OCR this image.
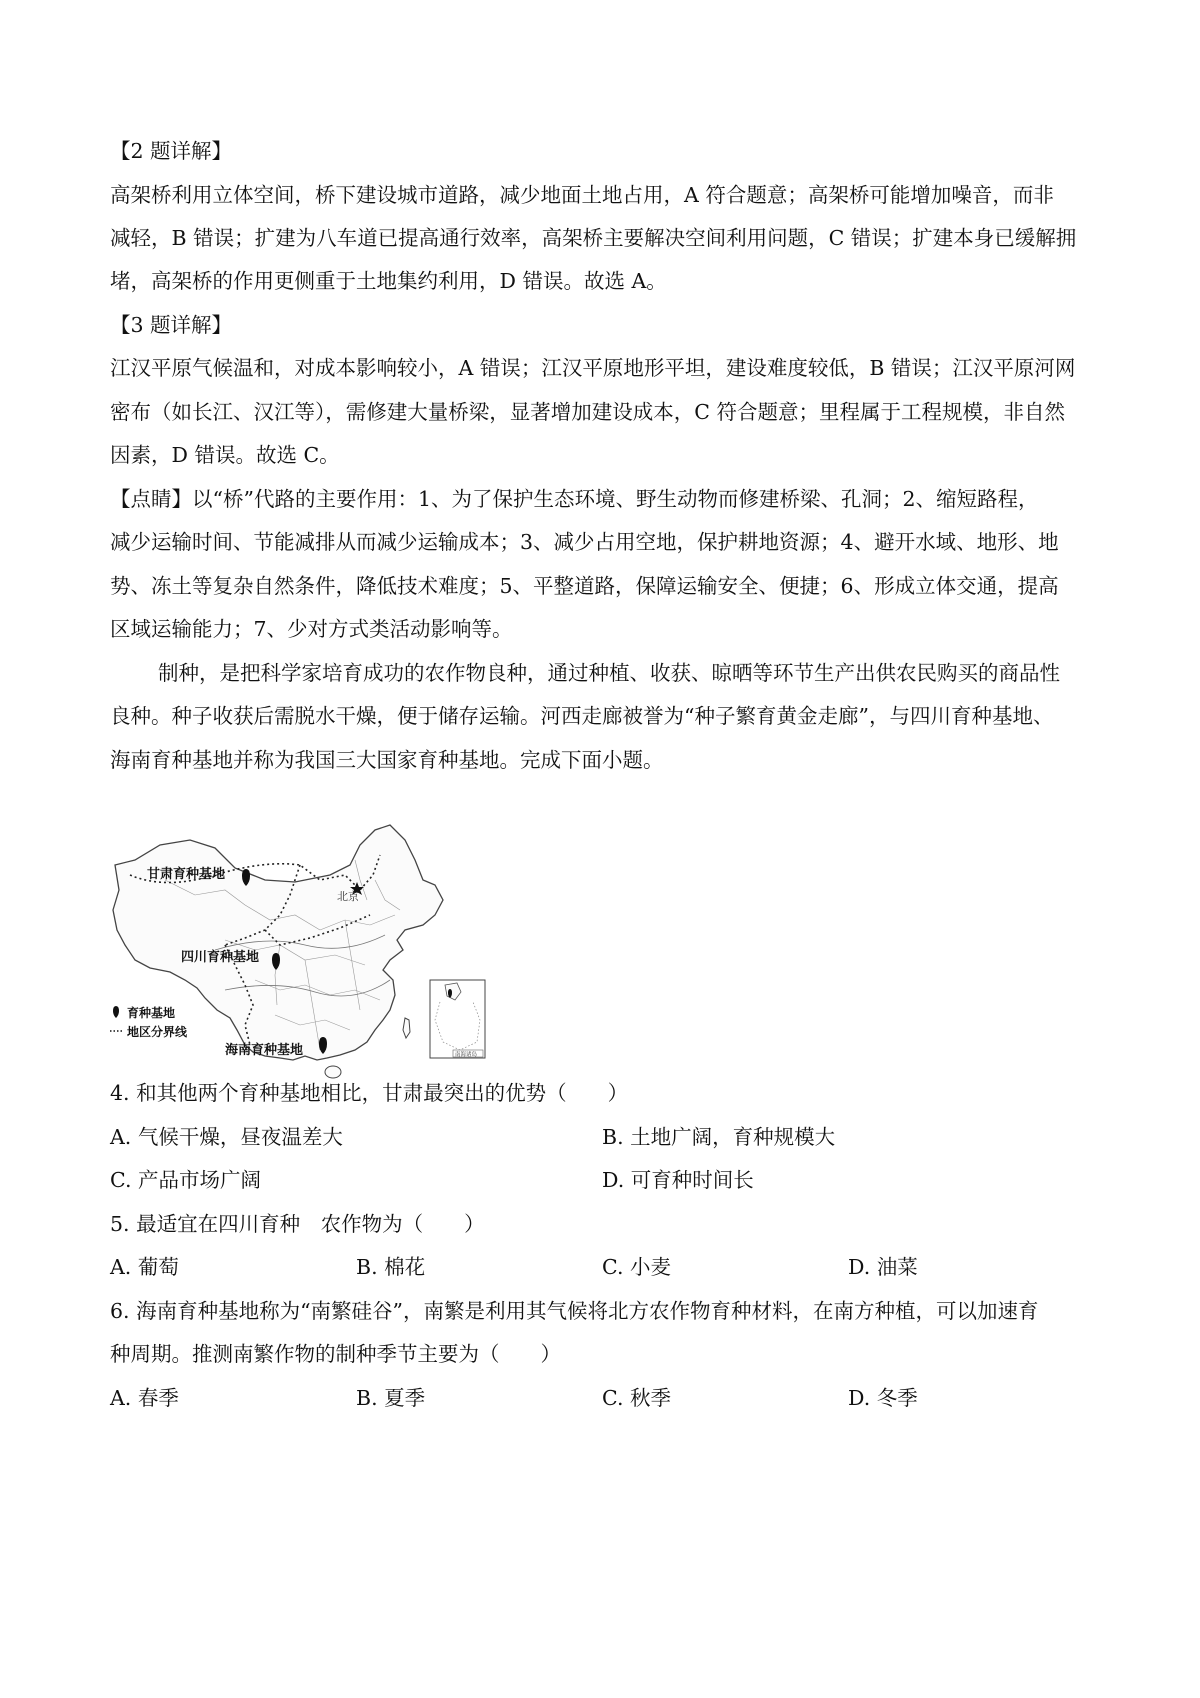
【2 题详解】
高架桥利用立体空间，桥下建设城市道路，减少地面土地占用，A 符合题意；高架桥可能增加噪音，而非
减轻，B 错误；扩建为八车道已提高通行效率，高架桥主要解决空间利用问题，C 错误；扩建本身已缓解拥
堵，高架桥的作用更侧重于土地集约利用，D 错误。故选 A。
【3 题详解】
江汉平原气候温和，对成本影响较小，A 错误；江汉平原地形平坦，建设难度较低，B 错误；江汉平原河网
密布（如长江、汉江等），需修建大量桥梁，显著增加建设成本，C 符合题意；里程属于工程规模，非自然
因素，D 错误。故选 C。
【点睛】以“桥”代路的主要作用：1、为了保护生态环境、野生动物而修建桥梁、孔洞；2、缩短路程，
减少运输时间、节能减排从而减少运输成本；3、减少占用空地，保护耕地资源；4、避开水域、地形、地
势、冻土等复杂自然条件，降低技术难度；5、平整道路，保障运输安全、便捷；6、形成立体交通，提高
区域运输能力；7、少对方式类活动影响等。
制种，是把科学家培育成功的农作物良种，通过种植、收获、晾晒等环节生产出供农民购买的商品性
良种。种子收获后需脱水干燥，便于储存运输。河西走廊被誉为“种子繁育黄金走廊”，与四川育种基地、
海南育种基地并称为我国三大国家育种基地。完成下面小题。
北京
甘肃育种基地
四川育种基地
海南育种基地
育种基地
地区分界线
南海诸岛
4. 和其他两个育种基地相比，甘肃最突出的优势（　　）
A. 气候干燥，昼夜温差大	B. 土地广阔，育种规模大
C. 产品市场广阔	D. 可育种时间长
5. 最适宜在四川育种　农作物为（　　）
A. 葡萄	B. 棉花	C. 小麦	D. 油菜
6. 海南育种基地称为“南繁硅谷”，南繁是利用其气候将北方农作物育种材料，在南方种植，可以加速育
种周期。推测南繁作物的制种季节主要为（　　）
A. 春季	B. 夏季	C. 秋季	D. 冬季
